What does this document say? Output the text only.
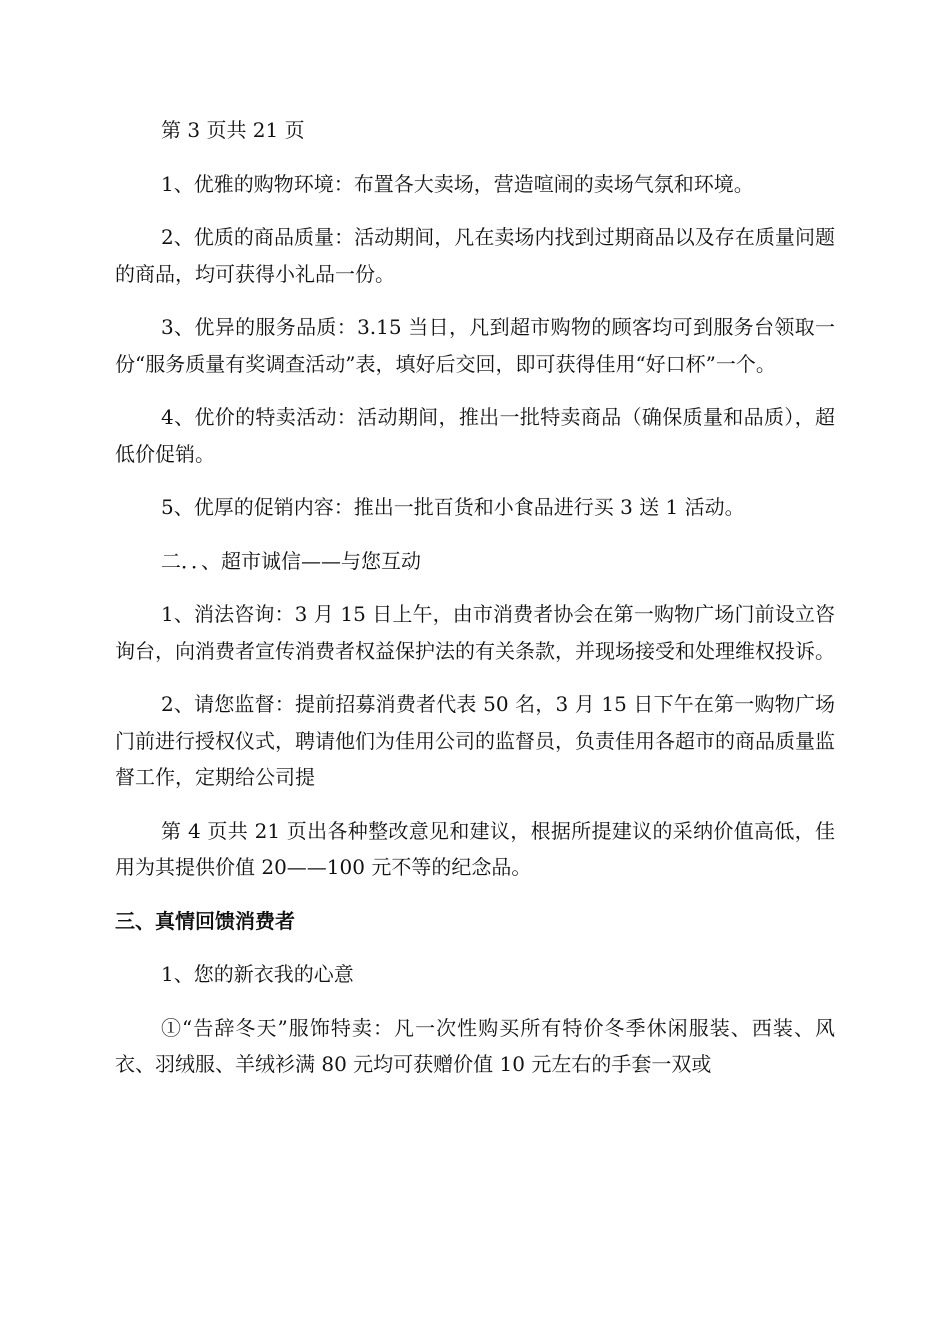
第 3 页共 21 页

1、优雅的购物环境：布置各大卖场，营造喧闹的卖场气氛和环境。

2、优质的商品质量：活动期间，凡在卖场内找到过期商品以及存在质量问题的商品，均可获得小礼品一份。

3、优异的服务品质：3.15 当日，凡到超市购物的顾客均可到服务台领取一份“服务质量有奖调查活动”表，填好后交回，即可获得佳用“好口杯”一个。

4、优价的特卖活动：活动期间，推出一批特卖商品（确保质量和品质），超低价促销。

5、优厚的促销内容：推出一批百货和小食品进行买 3 送 1 活动。

二．．、超市诚信——与您互动

1、消法咨询：3 月 15 日上午，由市消费者协会在第一购物广场门前设立咨询台，向消费者宣传消费者权益保护法的有关条款，并现场接受和处理维权投诉。

2、请您监督：提前招募消费者代表 50 名，3 月 15 日下午在第一购物广场门前进行授权仪式，聘请他们为佳用公司的监督员，负责佳用各超市的商品质量监督工作，定期给公司提

第 4 页共 21 页出各种整改意见和建议，根据所提建议的采纳价值高低，佳用为其提供价值 20——100 元不等的纪念品。

三、真情回馈消费者

1、您的新衣我的心意

①“告辞冬天”服饰特卖：凡一次性购买所有特价冬季休闲服装、西装、风衣、羽绒服、羊绒衫满 80 元均可获赠价值 10 元左右的手套一双或
